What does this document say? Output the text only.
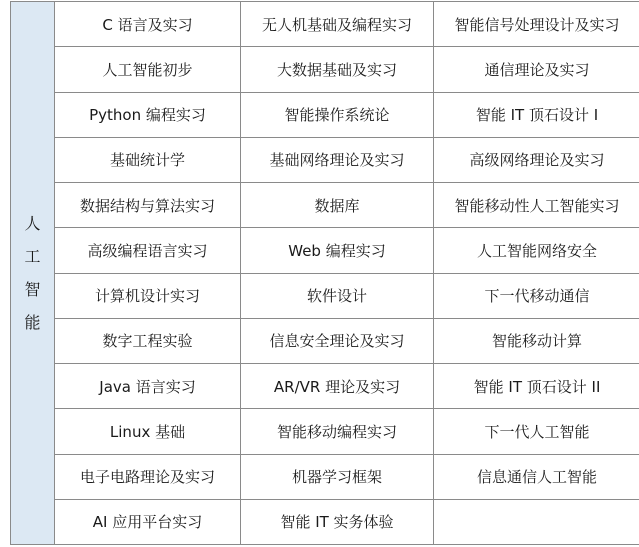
人工智能	C 语言及实习	无人机基础及编程实习	智能信号处理设计及实习
	人工智能初步	大数据基础及实习	通信理论及实习
	Python 编程实习	智能操作系统论	智能 IT 顶石设计 I
	基础统计学	基础网络理论及实习	高级网络理论及实习
	数据结构与算法实习	数据库	智能移动性人工智能实习
	高级编程语言实习	Web 编程实习	人工智能网络安全
	计算机设计实习	软件设计	下一代移动通信
	数字工程实验	信息安全理论及实习	智能移动计算
	Java 语言实习	AR/VR 理论及实习	智能 IT 顶石设计 II
	Linux 基础	智能移动编程实习	下一代人工智能
	电子电路理论及实习	机器学习框架	信息通信人工智能
	AI 应用平台实习	智能 IT 实务体验	
